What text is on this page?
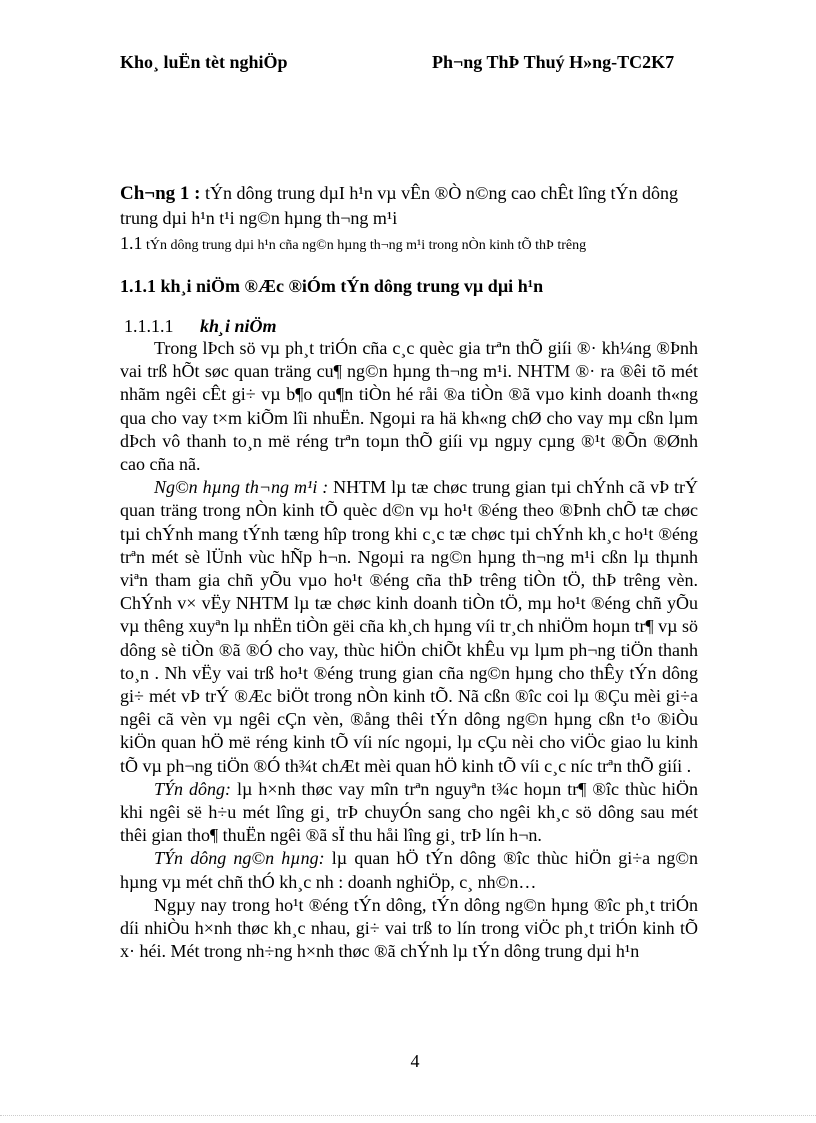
Kho¸ luËn tèt nghiÖp	Ph¬ng ThÞ Thuý H»ng-TC2K7
Ch¬ng 1 : tÝn dông trung dµI h¹n vµ vÊn ®Ò n©ng cao chÊt lîng tÝn dông trung dµi h¹n t¹i ng©n hµng th¬ng m¹i
1.1 tÝn dông trung dµi h¹n cña ng©n hµng th¬ng m¹i trong nÒn kinh tÕ thÞ trêng
1.1.1 kh¸i niÖm ®Æc ®iÓm tÝn dông trung vµ dµi h¹n
1.1.1.1 kh¸i niÖm

Trong lÞch sö vµ ph¸t triÓn cña c¸c quèc gia trªn thÕ giíi ®· kh¼ng ®Þnh vai trß hÕt søc quan träng cu¶ ng©n hµng th¬ng m¹i. NHTM ®· ra ®êi tõ mét nhãm ngêi cÊt gi÷ vµ b¶o qu¶n tiÒn hé råi ®a tiÒn ®ã vµo kinh doanh th«ng qua cho vay t×m kiÕm lîi nhuËn. Ngoµi ra hä kh«ng chØ cho vay mµ cßn lµm dÞch vô thanh to¸n më réng trªn toµn thÕ giíi vµ ngµy cµng ®¹t ®Õn ®Ønh cao cña nã.

Ng©n hµng th¬ng m¹i : NHTM lµ tæ chøc trung gian tµi chÝnh cã vÞ trÝ quan träng trong nÒn kinh tÕ quèc d©n vµ ho¹t ®éng theo ®Þnh chÕ tæ chøc tµi chÝnh mang tÝnh tæng hîp trong khi c¸c tæ chøc tµi chÝnh kh¸c ho¹t ®éng trªn mét sè lÜnh vùc hÑp h¬n. Ngoµi ra ng©n hµng th¬ng m¹i cßn lµ thµnh viªn tham gia chñ yÕu vµo ho¹t ®éng cña thÞ trêng tiÒn tÖ, thÞ trêng vèn. ChÝnh v× vËy NHTM lµ tæ chøc kinh doanh tiÒn tÖ, mµ ho¹t ®éng chñ yÕu vµ thêng xuyªn lµ nhËn tiÒn gëi cña kh¸ch hµng víi tr¸ch nhiÖm hoµn tr¶ vµ sö dông sè tiÒn ®ã ®Ó cho vay, thùc hiÖn chiÕt khÊu vµ lµm ph¬ng tiÖn thanh to¸n . Nh vËy vai trß ho¹t ®éng trung gian cña ng©n hµng cho thÊy tÝn dông gi÷ mét vÞ trÝ ®Æc biÖt trong nÒn kinh tÕ. Nã cßn ®îc coi lµ ®Çu mèi gi÷a ngêi cã vèn vµ ngêi cÇn vèn, ®ång thêi tÝn dông ng©n hµng cßn t¹o ®iÒu kiÖn quan hÖ më réng kinh tÕ víi níc ngoµi, lµ cÇu nèi cho viÖc giao lu kinh tÕ vµ ph¬ng tiÖn ®Ó th¾t chÆt mèi quan hÖ kinh tÕ víi c¸c níc trªn thÕ giíi .

TÝn dông: lµ h×nh thøc vay mîn trªn nguyªn t¾c hoµn tr¶ ®îc thùc hiÖn khi ngêi së h÷u mét lîng gi¸ trÞ chuyÓn sang cho ngêi kh¸c sö dông sau mét thêi gian tho¶ thuËn ngêi ®ã sÏ thu håi lîng gi¸ trÞ lín h¬n.

TÝn dông ng©n hµng: lµ quan hÖ tÝn dông ®îc thùc hiÖn gi÷a ng©n hµng vµ mét chñ thÓ kh¸c nh : doanh nghiÖp, c¸ nh©n…

Ngµy nay trong ho¹t ®éng tÝn dông, tÝn dông ng©n hµng ®îc ph¸t triÓn díi nhiÒu h×nh thøc kh¸c nhau, gi÷ vai trß to lín trong viÖc ph¸t triÓn kinh tÕ x· héi. Mét trong nh÷ng h×nh thøc ®ã chÝnh lµ tÝn dông trung dµi h¹n

4
